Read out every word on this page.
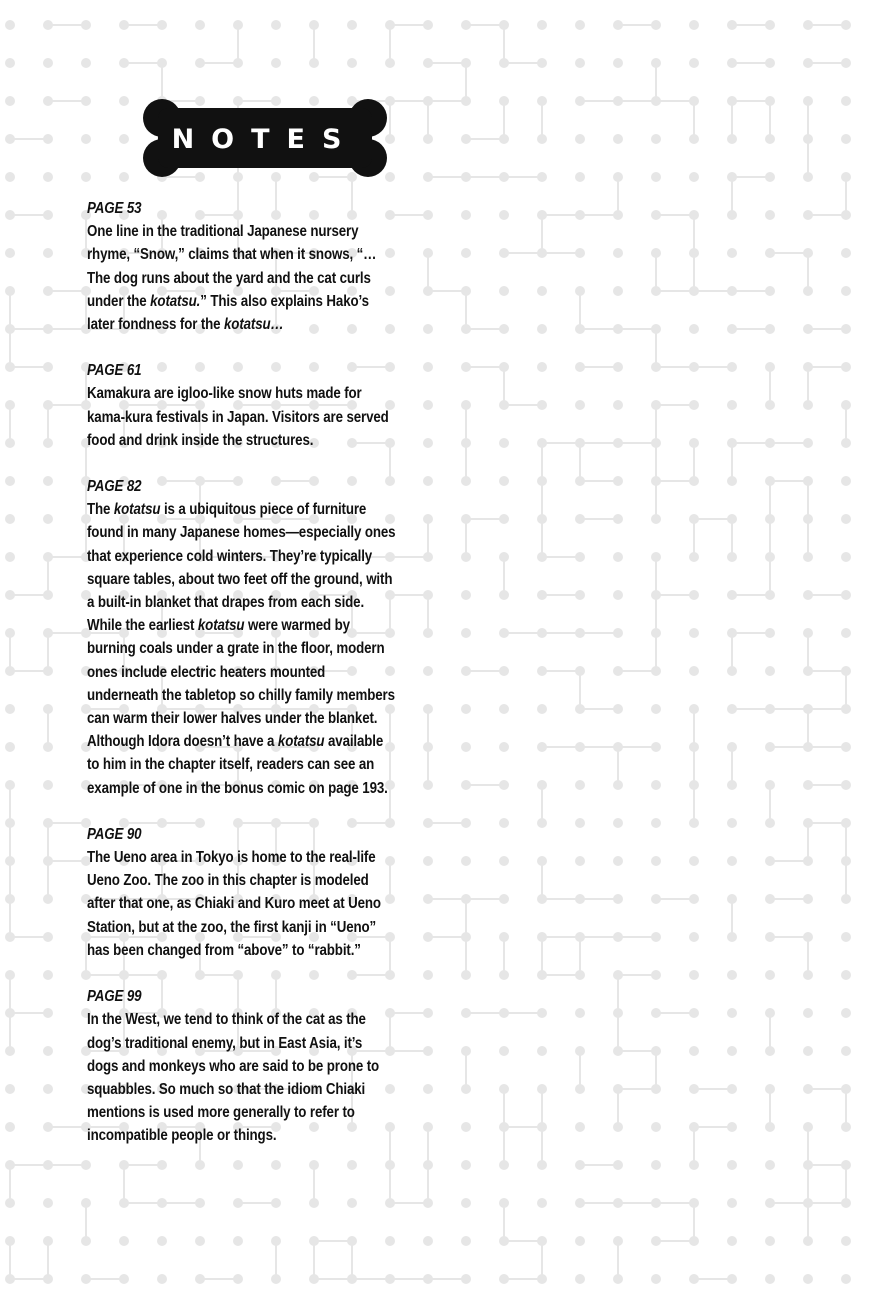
NOTES
PAGE 53
One line in the traditional Japanese nursery rhyme, “Snow,” claims that when it snows, “…The dog runs about the yard and the cat curls under the kotatsu.” This also explains Hako’s later fondness for the kotatsu…
PAGE 61
Kamakura are igloo-like snow huts made for kama-kura festivals in Japan. Visitors are served food and drink inside the structures.
PAGE 82
The kotatsu is a ubiquitous piece of furniture found in many Japanese homes—especially ones that experience cold winters. They’re typically square tables, about two feet off the ground, with a built-in blanket that drapes from each side. While the earliest kotatsu were warmed by burning coals under a grate in the floor, modern ones include electric heaters mounted underneath the tabletop so chilly family members can warm their lower halves under the blanket. Although Idora doesn’t have a kotatsu available to him in the chapter itself, readers can see an example of one in the bonus comic on page 193.
PAGE 90
The Ueno area in Tokyo is home to the real-life Ueno Zoo. The zoo in this chapter is modeled after that one, as Chiaki and Kuro meet at Ueno Station, but at the zoo, the first kanji in “Ueno” has been changed from “above” to “rabbit.”
PAGE 99
In the West, we tend to think of the cat as the dog’s traditional enemy, but in East Asia, it’s dogs and monkeys who are said to be prone to squabbles. So much so that the idiom Chiaki mentions is used more generally to refer to incompatible people or things.
